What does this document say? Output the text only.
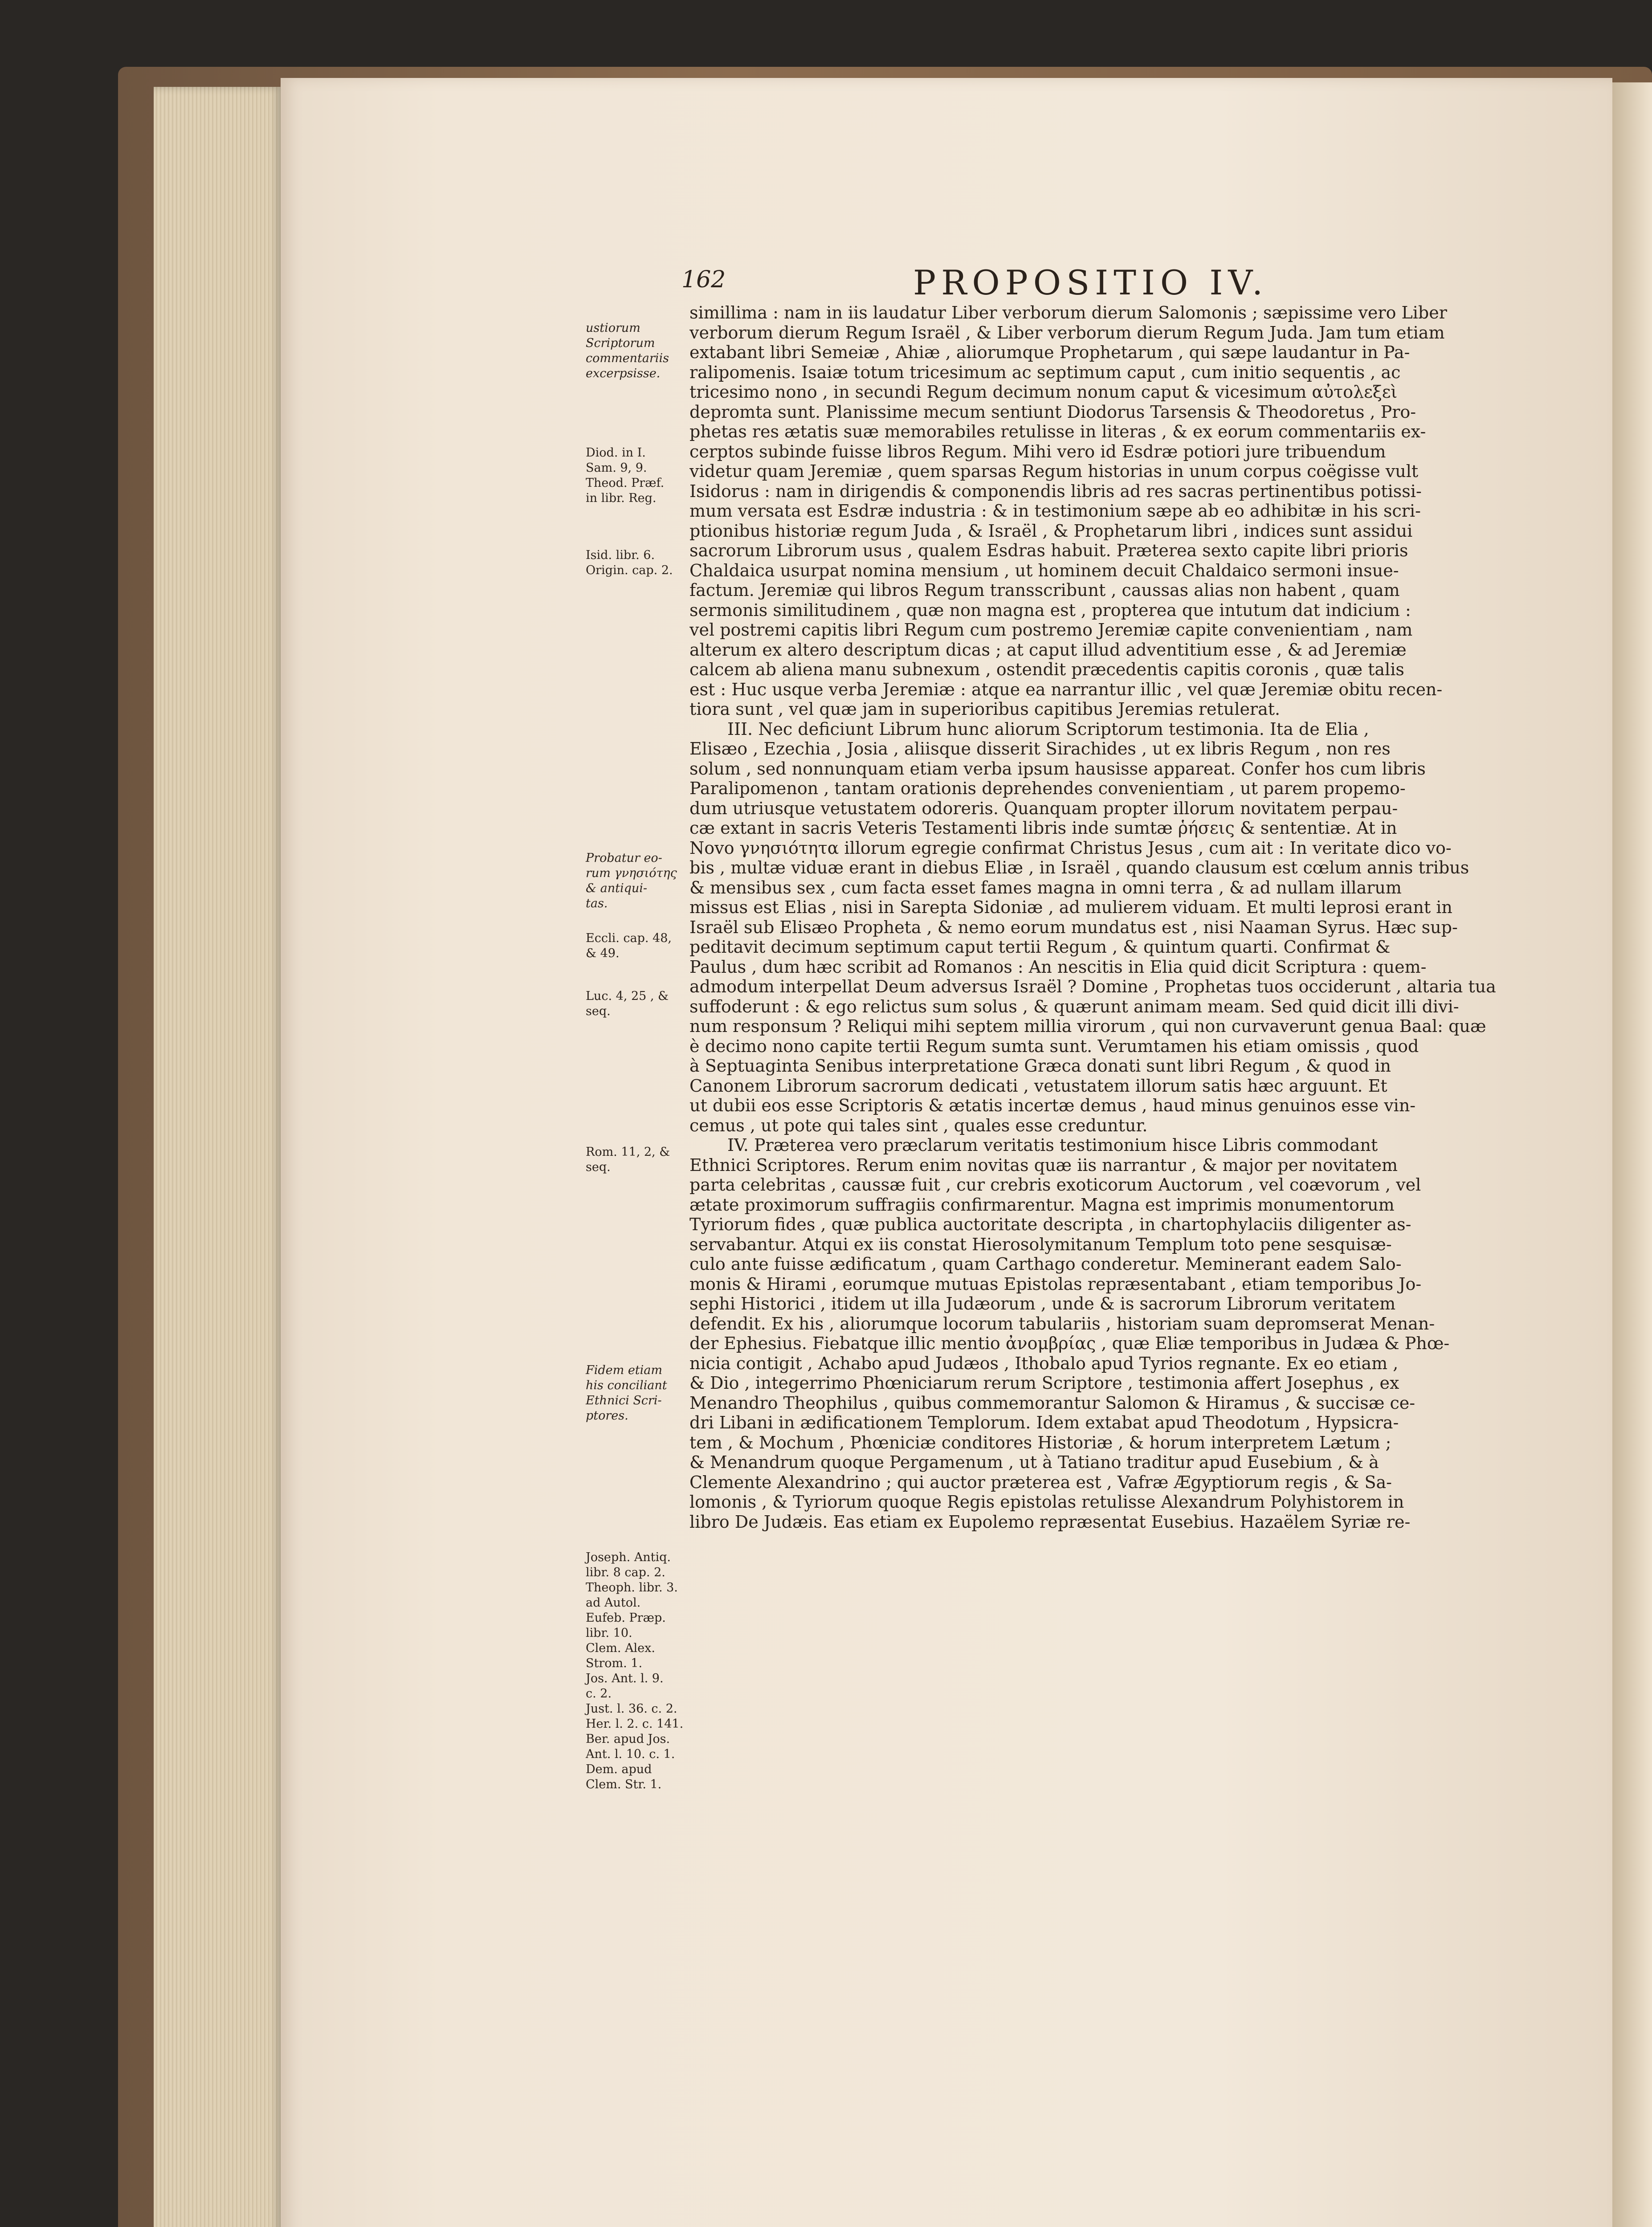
162	PROPOSITIO IV.
simillima : nam in iis laudatur Liber verborum dierum Salomonis ; sæpissime vero Liber
verborum dierum Regum Israël , & Liber verborum dierum Regum Juda. Jam tum etiam
extabant libri Semeiæ , Ahiæ , aliorumque Prophetarum , qui sæpe laudantur in Pa-
ralipomenis. Isaiæ totum tricesimum ac septimum caput , cum initio sequentis , ac
tricesimo nono , in secundi Regum decimum nonum caput & vicesimum αὐτολεξεὶ
depromta sunt. Planissime mecum sentiunt Diodorus Tarsensis & Theodoretus , Pro-
phetas res ætatis suæ memorabiles retulisse in literas , & ex eorum commentariis ex-
cerptos subinde fuisse libros Regum. Mihi vero id Esdræ potiori jure tribuendum
videtur quam Jeremiæ , quem sparsas Regum historias in unum corpus coëgisse vult
Isidorus : nam in dirigendis & componendis libris ad res sacras pertinentibus potissi-
mum versata est Esdræ industria : & in testimonium sæpe ab eo adhibitæ in his scri-
ptionibus historiæ regum Juda , & Israël , & Prophetarum libri , indices sunt assidui
sacrorum Librorum usus , qualem Esdras habuit. Præterea sexto capite libri prioris
Chaldaica usurpat nomina mensium , ut hominem decuit Chaldaico sermoni insue-
factum. Jeremiæ qui libros Regum transscribunt , caussas alias non habent , quam
sermonis similitudinem , quæ non magna est , propterea que intutum dat indicium :
vel postremi capitis libri Regum cum postremo Jeremiæ capite convenientiam , nam
alterum ex altero descriptum dicas ; at caput illud adventitium esse , & ad Jeremiæ
calcem ab aliena manu subnexum , ostendit præcedentis capitis coronis , quæ talis
est : Huc usque verba Jeremiæ : atque ea narrantur illic , vel quæ Jeremiæ obitu recen-
tiora sunt , vel quæ jam in superioribus capitibus Jeremias retulerat.
III. Nec deficiunt Librum hunc aliorum Scriptorum testimonia. Ita de Elia ,
Elisæo , Ezechia , Josia , aliisque disserit Sirachides , ut ex libris Regum , non res
solum , sed nonnunquam etiam verba ipsum hausisse appareat. Confer hos cum libris
Paralipomenon , tantam orationis deprehendes convenientiam , ut parem propemo-
dum utriusque vetustatem odoreris. Quanquam propter illorum novitatem perpau-
cæ extant in sacris Veteris Testamenti libris inde sumtæ ῥήσεις & sententiæ. At in
Novo γνησιότητα illorum egregie confirmat Christus Jesus , cum ait : In veritate dico vo-
bis , multæ viduæ erant in diebus Eliæ , in Israël , quando clausum est cœlum annis tribus
& mensibus sex , cum facta esset fames magna in omni terra , & ad nullam illarum
missus est Elias , nisi in Sarepta Sidoniæ , ad mulierem viduam. Et multi leprosi erant in
Israël sub Elisæo Propheta , & nemo eorum mundatus est , nisi Naaman Syrus. Hæc sup-
peditavit decimum septimum caput tertii Regum , & quintum quarti. Confirmat &
Paulus , dum hæc scribit ad Romanos : An nescitis in Elia quid dicit Scriptura : quem-
admodum interpellat Deum adversus Israël ? Domine , Prophetas tuos occiderunt , altaria tua
suffoderunt : & ego relictus sum solus , & quærunt animam meam. Sed quid dicit illi divi-
num responsum ? Reliqui mihi septem millia virorum , qui non curvaverunt genua Baal: quæ
è decimo nono capite tertii Regum sumta sunt. Verumtamen his etiam omissis , quod
à Septuaginta Senibus interpretatione Græca donati sunt libri Regum , & quod in
Canonem Librorum sacrorum dedicati , vetustatem illorum satis hæc arguunt. Et
ut dubii eos esse Scriptoris & ætatis incertæ demus , haud minus genuinos esse vin-
cemus , ut pote qui tales sint , quales esse creduntur.
IV. Præterea vero præclarum veritatis testimonium hisce Libris commodant
Ethnici Scriptores. Rerum enim novitas quæ iis narrantur , & major per novitatem
parta celebritas , caussæ fuit , cur crebris exoticorum Auctorum , vel coævorum , vel
ætate proximorum suffragiis confirmarentur. Magna est imprimis monumentorum
Tyriorum fides , quæ publica auctoritate descripta , in chartophylaciis diligenter as-
servabantur. Atqui ex iis constat Hierosolymitanum Templum toto pene sesquisæ-
culo ante fuisse ædificatum , quam Carthago conderetur. Meminerant eadem Salo-
monis & Hirami , eorumque mutuas Epistolas repræsentabant , etiam temporibus Jo-
sephi Historici , itidem ut illa Judæorum , unde & is sacrorum Librorum veritatem
defendit. Ex his , aliorumque locorum tabulariis , historiam suam depromserat Menan-
der Ephesius. Fiebatque illic mentio ἀνομβρίας , quæ Eliæ temporibus in Judæa & Phœ-
nicia contigit , Achabo apud Judæos , Ithobalo apud Tyrios regnante. Ex eo etiam ,
& Dio , integerrimo Phœniciarum rerum Scriptore , testimonia affert Josephus , ex
Menandro Theophilus , quibus commemorantur Salomon & Hiramus , & succisæ ce-
dri Libani in ædificationem Templorum. Idem extabat apud Theodotum , Hypsicra-
tem , & Mochum , Phœniciæ conditores Historiæ , & horum interpretem Lætum ;
& Menandrum quoque Pergamenum , ut à Tatiano traditur apud Eusebium , & à
Clemente Alexandrino ; qui auctor præterea est , Vafræ Ægyptiorum regis , & Sa-
lomonis , & Tyriorum quoque Regis epistolas retulisse Alexandrum Polyhistorem in
libro De Judæis. Eas etiam ex Eupolemo repræsentat Eusebius. Hazaëlem Syriæ re-
ustiorum
Scriptorum
commentariis
excerpsisse.
Diod. in I.
Sam. 9, 9.
Theod. Præf.
in libr. Reg.
Isid. libr. 6.
Origin. cap. 2.
Probatur eo-
rum γνησιότης
& antiqui-
tas.
Eccli. cap. 48,
& 49.
Luc. 4, 25 , &
seq.
Rom. 11, 2, &
seq.
Fidem etiam
his conciliant
Ethnici Scri-
ptores.
Joseph. Antiq.
libr. 8 cap. 2.
Theoph. libr. 3.
ad Autol.
Eufeb. Præp.
libr. 10.
Clem. Alex.
Strom. 1.
Jos. Ant. l. 9.
c. 2.
Just. l. 36. c. 2.
Her. l. 2. c. 141.
Ber. apud Jos.
Ant. l. 10. c. 1.
Dem. apud
Clem. Str. 1.
